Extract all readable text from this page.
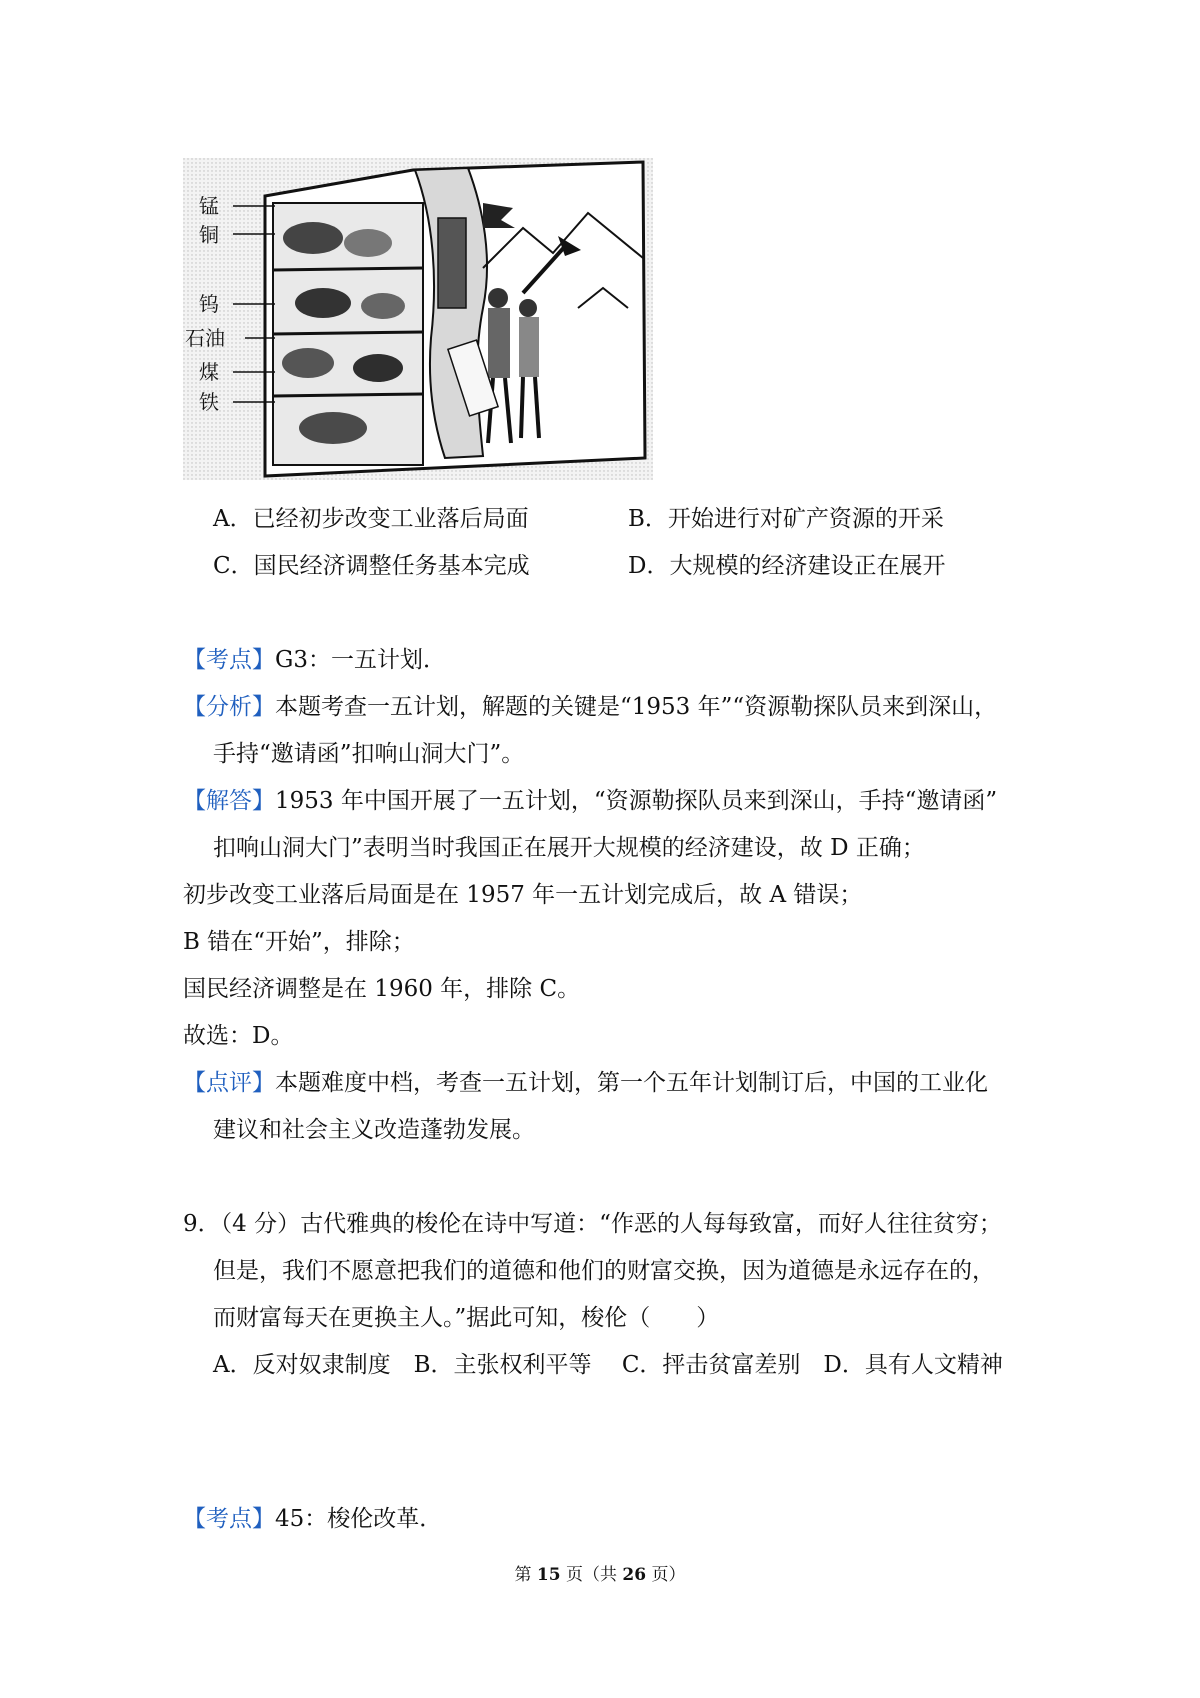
锰
铜
钨
石油
煤
铁
A．已经初步改变工业落后局面	B．开始进行对矿产资源的开采
C．国民经济调整任务基本完成	D．大规模的经济建设正在展开
【考点】G3：一五计划．
【分析】本题考查一五计划，解题的关键是“1953 年”“资源勒探队员来到深山，
手持“邀请函”扣响山洞大门”。
【解答】1953 年中国开展了一五计划，“资源勒探队员来到深山，手持“邀请函”
扣响山洞大门”表明当时我国正在展开大规模的经济建设，故 D 正确；
初步改变工业落后局面是在 1957 年一五计划完成后，故 A 错误；
B 错在“开始”，排除；
国民经济调整是在 1960 年，排除 C。
故选：D。
【点评】本题难度中档，考查一五计划，第一个五年计划制订后，中国的工业化
建议和社会主义改造蓬勃发展。
9．（4 分）古代雅典的梭伦在诗中写道：“作恶的人每每致富，而好人往往贫穷；
但是，我们不愿意把我们的道德和他们的财富交换，因为道德是永远存在的，
而财富每天在更换主人。”据此可知，梭伦（　　）
A．反对奴隶制度　B．主张权利平等　 C．抨击贫富差别　D．具有人文精神
【考点】45：梭伦改革．
第 15 页（共 26 页）
